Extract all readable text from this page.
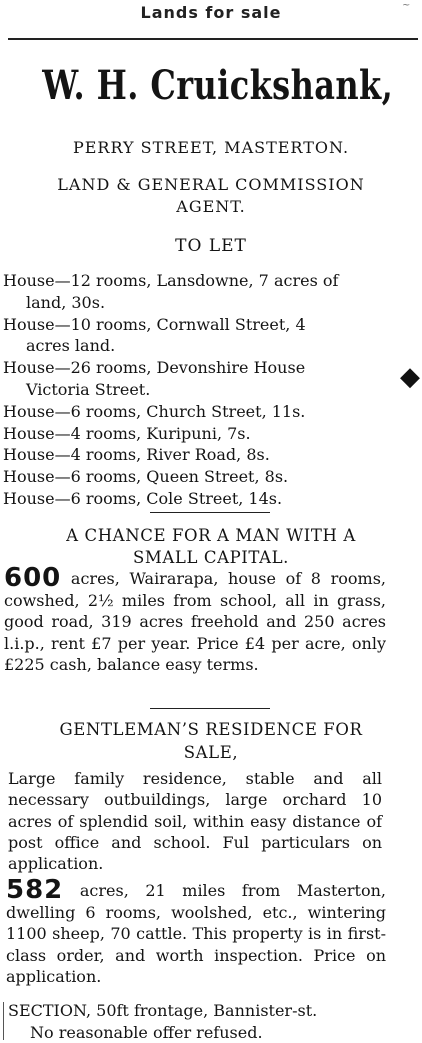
Lands for sale
W. H. Cruickshank,
PERRY STREET, MASTERTON.
LAND & GENERAL COMMISSION
AGENT.
TO LET
House—12 rooms, Lansdowne, 7 acres of
land, 30s.
House—10 rooms, Cornwall Street, 4
acres land.
House—26 rooms, Devonshire House
Victoria Street.
House—6 rooms, Church Street, 11s.
House—4 rooms, Kuripuni, 7s.
House—4 rooms, River Road, 8s.
House—6 rooms, Queen Street, 8s.
House—6 rooms, Cole Street, 14s.
A CHANCE FOR A MAN WITH A
SMALL CAPITAL.
600 acres, Wairarapa, house of 8 rooms, cowshed, 2½ miles from school, all in grass, good road, 319 acres freehold and 250 acres l.i.p., rent £7 per year. Price £4 per acre, only £225 cash, balance easy terms.
GENTLEMAN’S RESIDENCE FOR
SALE,
Large family residence, stable and all necessary outbuildings, large orchard 10 acres of splendid soil, within easy distance of post office and school. Ful particulars on application.
582 acres, 21 miles from Masterton, dwelling 6 rooms, woolshed, etc., wintering 1100 sheep, 70 cattle. This property is in first-class order, and worth inspection. Price on application.
SECTION, 50ft frontage, Bannister-st.
No reasonable offer refused.
◆
~
